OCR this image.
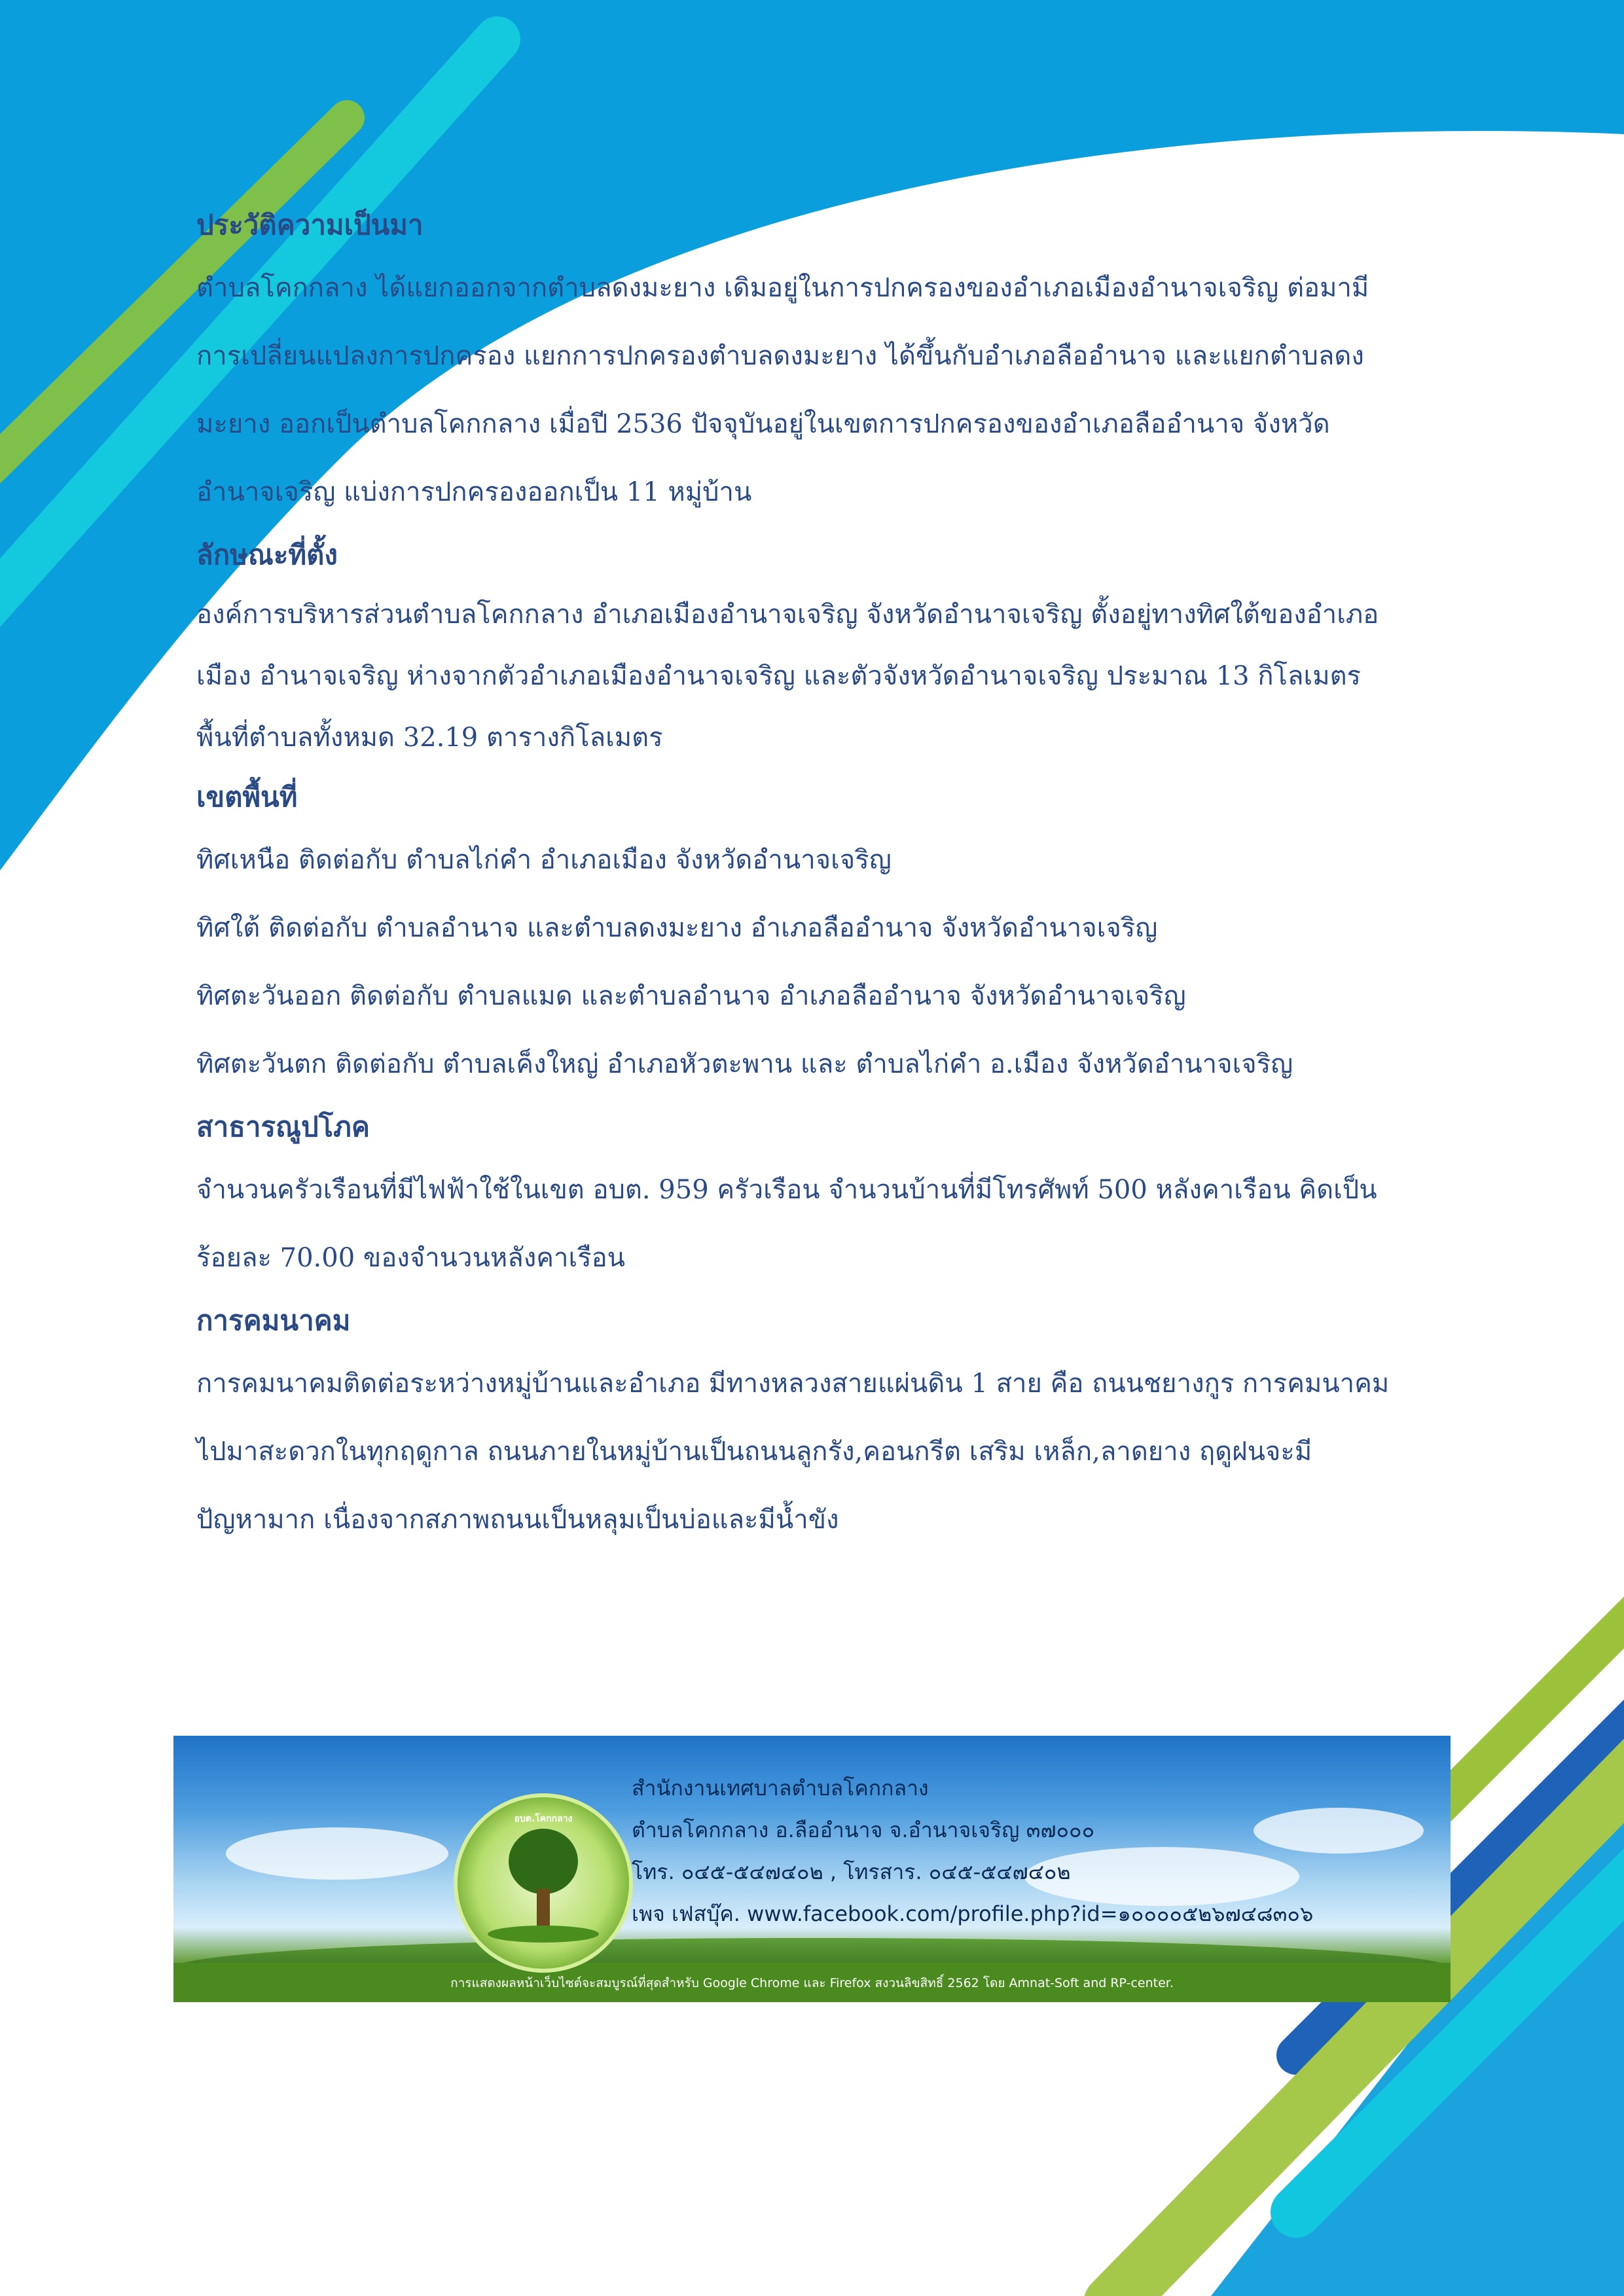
ประวัติความเป็นมา

ตำบลโคกกลาง ได้แยกออกจากตำบลดงมะยาง เดิมอยู่ในการปกครองของอำเภอเมืองอำนาจเจริญ ต่อมามี

การเปลี่ยนแปลงการปกครอง แยกการปกครองตำบลดงมะยาง ได้ขึ้นกับอำเภอลืออำนาจ และแยกตำบลดง

มะยาง ออกเป็นตำบลโคกกลาง เมื่อปี 2536 ปัจจุบันอยู่ในเขตการปกครองของอำเภอลืออำนาจ จังหวัด

อำนาจเจริญ แบ่งการปกครองออกเป็น 11 หมู่บ้าน

ลักษณะที่ตั้ง

องค์การบริหารส่วนตำบลโคกกลาง อำเภอเมืองอำนาจเจริญ จังหวัดอำนาจเจริญ ตั้งอยู่ทางทิศใต้ของอำเภอ

เมือง อำนาจเจริญ ห่างจากตัวอำเภอเมืองอำนาจเจริญ และตัวจังหวัดอำนาจเจริญ ประมาณ 13 กิโลเมตร

พื้นที่ตำบลทั้งหมด 32.19 ตารางกิโลเมตร

เขตพื้นที่

ทิศเหนือ ติดต่อกับ ตำบลไก่คำ อำเภอเมือง จังหวัดอำนาจเจริญ

ทิศใต้ ติดต่อกับ ตำบลอำนาจ และตำบลดงมะยาง อำเภอลืออำนาจ จังหวัดอำนาจเจริญ

ทิศตะวันออก ติดต่อกับ ตำบลแมด และตำบลอำนาจ อำเภอลืออำนาจ จังหวัดอำนาจเจริญ

ทิศตะวันตก ติดต่อกับ ตำบลเค็งใหญ่ อำเภอหัวตะพาน และ ตำบลไก่คำ อ.เมือง จังหวัดอำนาจเจริญ

สาธารณูปโภค

จำนวนครัวเรือนที่มีไฟฟ้าใช้ในเขต อบต. 959 ครัวเรือน จำนวนบ้านที่มีโทรศัพท์ 500 หลังคาเรือน คิดเป็น

ร้อยละ 70.00 ของจำนวนหลังคาเรือน

การคมนาคม

การคมนาคมติดต่อระหว่างหมู่บ้านและอำเภอ มีทางหลวงสายแผ่นดิน 1 สาย คือ ถนนชยางกูร การคมนาคม

ไปมาสะดวกในทุกฤดูกาล ถนนภายในหมู่บ้านเป็นถนนลูกรัง,คอนกรีต เสริม เหล็ก,ลาดยาง ฤดูฝนจะมี

ปัญหามาก เนื่องจากสภาพถนนเป็นหลุมเป็นบ่อและมีน้ำขัง

อบต.โคกกลาง
สำนักงานเทศบาลตำบลโคกกลาง
ตำบลโคกกลาง อ.ลืออำนาจ จ.อำนาจเจริญ ๓๗๐๐๐
โทร. ๐๔๕-๕๔๗๔๐๒ , โทรสาร. ๐๔๕-๕๔๗๔๐๒
เพจ เฟสบุ๊ค. www.facebook.com/profile.php?id=๑๐๐๐๐๕๒๖๗๔๘๓๐๖
การแสดงผลหน้าเว็บไซต์จะสมบูรณ์ที่สุดสำหรับ Google Chrome และ Firefox สงวนลิขสิทธิ์ 2562 โดย Amnat-Soft and RP-center.
